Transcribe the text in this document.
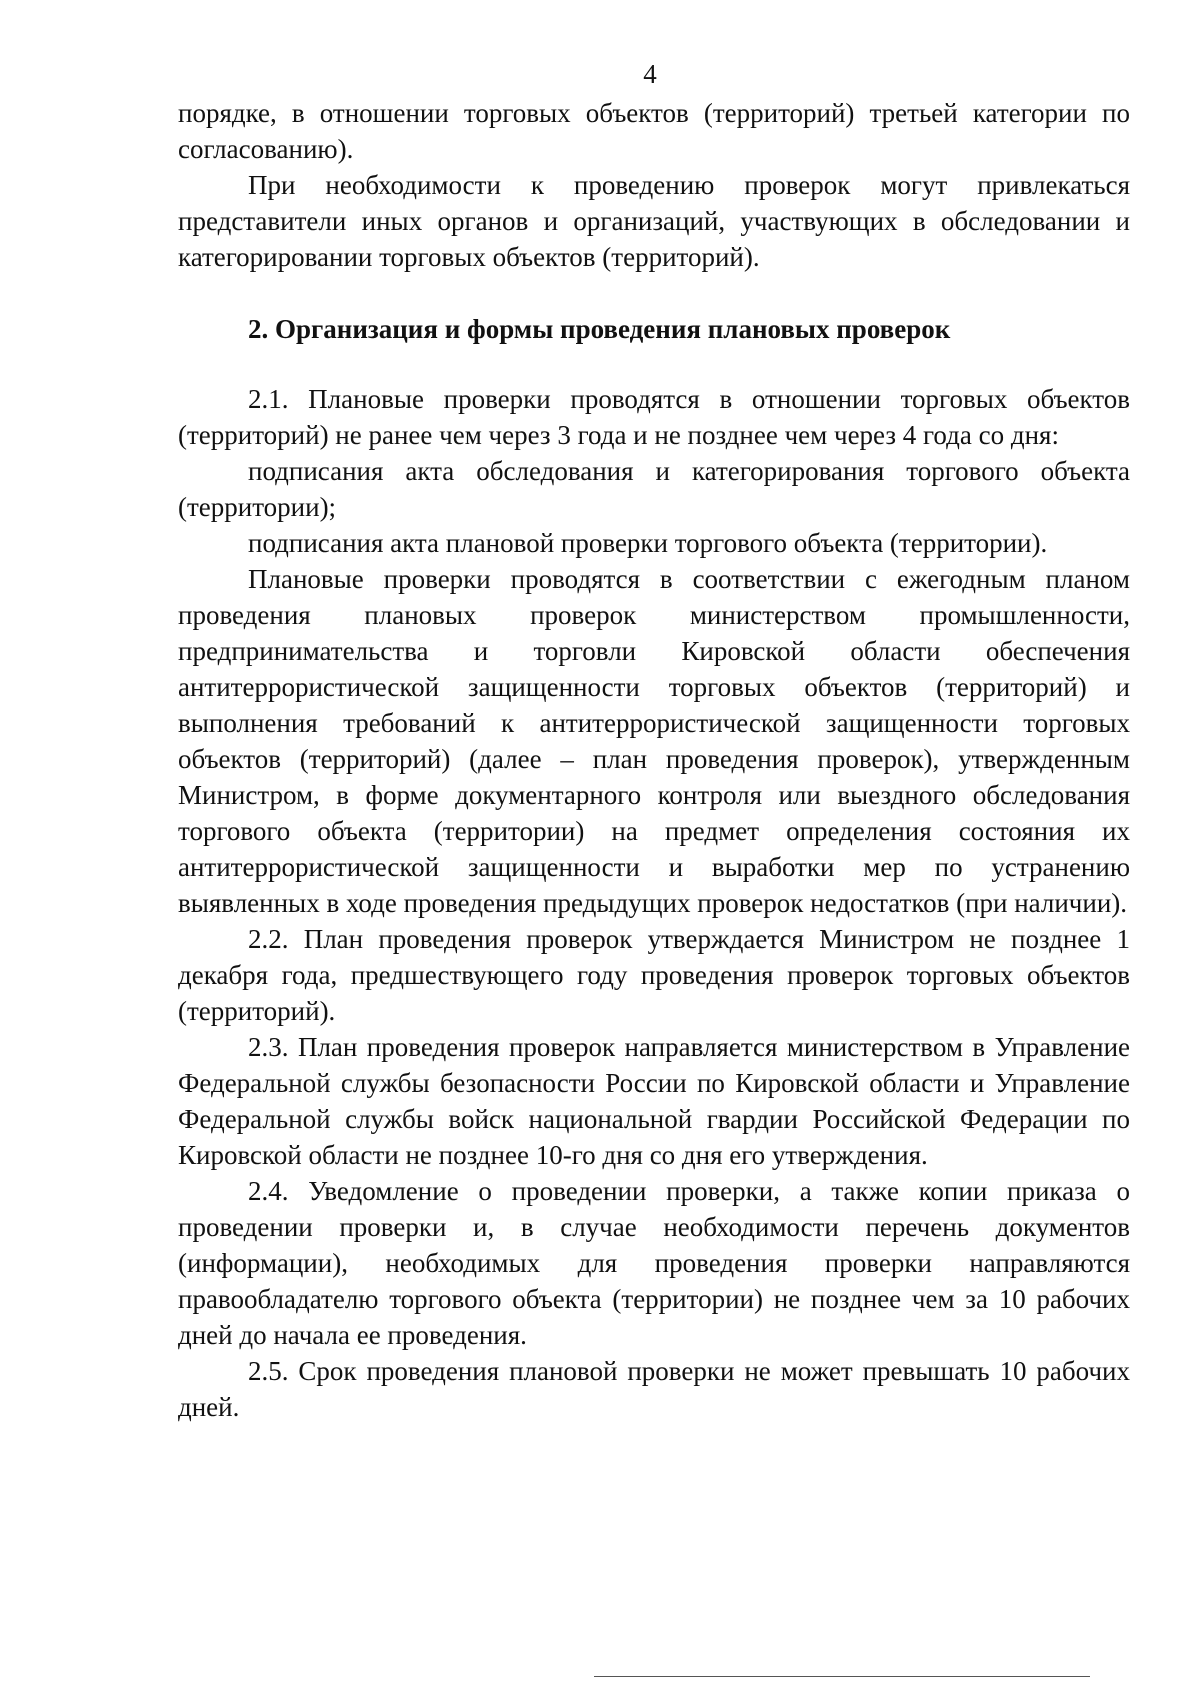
4

порядке, в отношении торговых объектов (территорий) третьей категории по согласованию).

При необходимости к проведению проверок могут привлекаться представители иных органов и организаций, участвующих в обследовании и категорировании торговых объектов (территорий).

2. Организация и формы проведения плановых проверок

2.1. Плановые проверки проводятся в отношении торговых объектов (территорий) не ранее чем через 3 года и не позднее чем через 4 года со дня:

подписания акта обследования и категорирования торгового объекта (территории);

подписания акта плановой проверки торгового объекта (территории).

Плановые проверки проводятся в соответствии с ежегодным планом проведения плановых проверок министерством промышленности, предпринимательства и торговли Кировской области обеспечения антитеррористической защищенности торговых объектов (территорий) и выполнения требований к антитеррористической защищенности торговых объектов (территорий) (далее – план проведения проверок), утвержденным Министром, в форме документарного контроля или выездного обследования торгового объекта (территории) на предмет определения состояния их антитеррористической защищенности и выработки мер по устранению выявленных в ходе проведения предыдущих проверок недостатков (при наличии).

2.2. План проведения проверок утверждается Министром не позднее 1 декабря года, предшествующего году проведения проверок торговых объектов (территорий).

2.3. План проведения проверок направляется министерством в Управление Федеральной службы безопасности России по Кировской области и Управление Федеральной службы войск национальной гвардии Российской Федерации по Кировской области не позднее 10-го дня со дня его утверждения.

2.4. Уведомление о проведении проверки, а также копии приказа о проведении проверки и, в случае необходимости перечень документов (информации), необходимых для проведения проверки направляются правообладателю торгового объекта (территории) не позднее чем за 10 рабочих дней до начала ее проведения.

2.5. Срок проведения плановой проверки не может превышать 10 рабочих дней.
